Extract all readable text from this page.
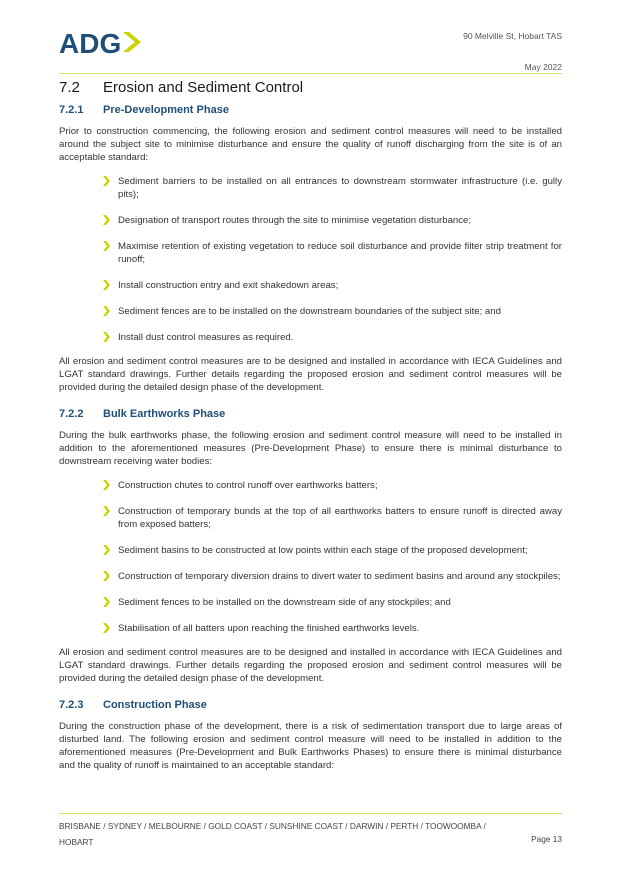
ADG	90 Melville St, Hobart TAS
May 2022
7.2	Erosion and Sediment Control
7.2.1	Pre-Development Phase

Prior to construction commencing, the following erosion and sediment control measures will need to be installed around the subject site to minimise disturbance and ensure the quality of runoff discharging from the site is of an acceptable standard:

Sediment barriers to be installed on all entrances to downstream stormwater infrastructure (i.e. gully pits);
Designation of transport routes through the site to minimise vegetation disturbance;
Maximise retention of existing vegetation to reduce soil disturbance and provide filter strip treatment for runoff;
Install construction entry and exit shakedown areas;
Sediment fences are to be installed on the downstream boundaries of the subject site; and
Install dust control measures as required.

All erosion and sediment control measures are to be designed and installed in accordance with IECA Guidelines and LGAT standard drawings. Further details regarding the proposed erosion and sediment control measures will be provided during the detailed design phase of the development.

7.2.2	Bulk Earthworks Phase

During the bulk earthworks phase, the following erosion and sediment control measure will need to be installed in addition to the aforementioned measures (Pre-Development Phase) to ensure there is minimal disturbance to downstream receiving water bodies:

Construction chutes to control runoff over earthworks batters;
Construction of temporary bunds at the top of all earthworks batters to ensure runoff is directed away from exposed batters;
Sediment basins to be constructed at low points within each stage of the proposed development;
Construction of temporary diversion drains to divert water to sediment basins and around any stockpiles;
Sediment fences to be installed on the downstream side of any stockpiles; and
Stabilisation of all batters upon reaching the finished earthworks levels.

All erosion and sediment control measures are to be designed and installed in accordance with IECA Guidelines and LGAT standard drawings. Further details regarding the proposed erosion and sediment control measures will be provided during the detailed design phase of the development.

7.2.3	Construction Phase

During the construction phase of the development, there is a risk of sedimentation transport due to large areas of disturbed land. The following erosion and sediment control measure will need to be installed in addition to the aforementioned measures (Pre-Development and Bulk Earthworks Phases) to ensure there is minimal disturbance and the quality of runoff is maintained to an acceptable standard:

BRISBANE / SYDNEY / MELBOURNE / GOLD COAST / SUNSHINE COAST / DARWIN / PERTH / TOOWOOMBA / HOBART	Page 13
